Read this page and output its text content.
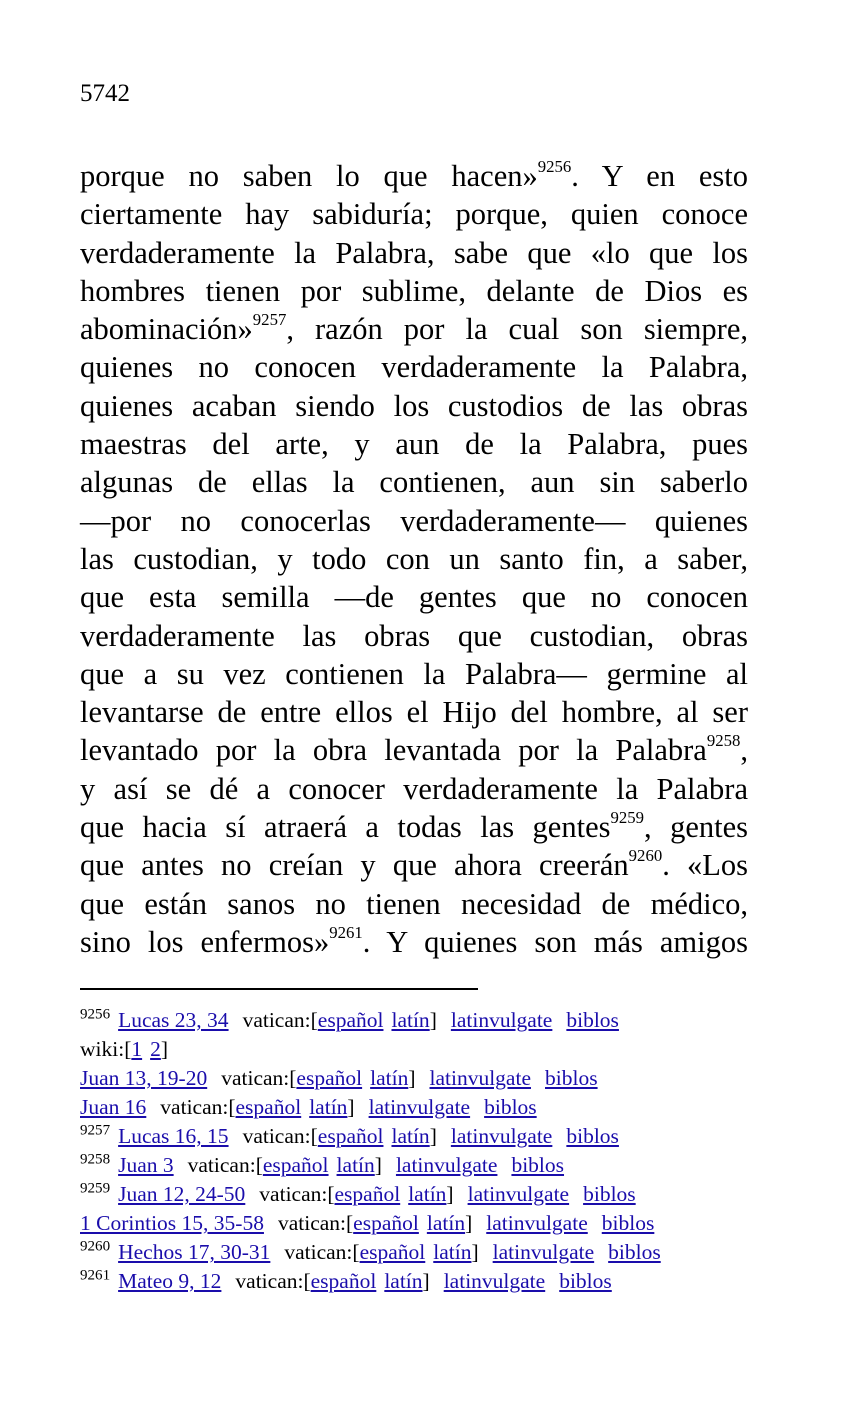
5742
porque no saben lo que hacen»$^{9256}$. Y en esto
ciertamente hay sabiduría; porque, quien conoce
verdaderamente la Palabra, sabe que «lo que los
hombres tienen por sublime, delante de Dios es
abominación»$^{9257}$, razón por la cual son siempre,
quienes no conocen verdaderamente la Palabra,
quienes acaban siendo los custodios de las obras
maestras del arte, y aun de la Palabra, pues
algunas de ellas la contienen, aun sin saberlo
―por no conocerlas verdaderamente― quienes
las custodian, y todo con un santo fin, a saber,
que esta semilla ―de gentes que no conocen
verdaderamente las obras que custodian, obras
que a su vez contienen la Palabra― germine al
levantarse de entre ellos el Hijo del hombre, al ser
levantado por la obra levantada por la Palabra$^{9258}$,
y así se dé a conocer verdaderamente la Palabra
que hacia sí atraerá a todas las gentes$^{9259}$, gentes
que antes no creían y que ahora creerán$^{9260}$. «Los
que están sanos no tienen necesidad de médico,
sino los enfermos»$^{9261}$. Y quienes son más amigos
$^{9256}$ Lucas 23, 34 vatican:[español latín] latinvulgate biblos
wiki:[1 2]
Juan 13, 19-20 vatican:[español latín] latinvulgate biblos
Juan 16 vatican:[español latín] latinvulgate biblos
$^{9257}$ Lucas 16, 15 vatican:[español latín] latinvulgate biblos
$^{9258}$ Juan 3 vatican:[español latín] latinvulgate biblos
$^{9259}$ Juan 12, 24-50 vatican:[español latín] latinvulgate biblos
1 Corintios 15, 35-58 vatican:[español latín] latinvulgate biblos
$^{9260}$ Hechos 17, 30-31 vatican:[español latín] latinvulgate biblos
$^{9261}$ Mateo 9, 12 vatican:[español latín] latinvulgate biblos
